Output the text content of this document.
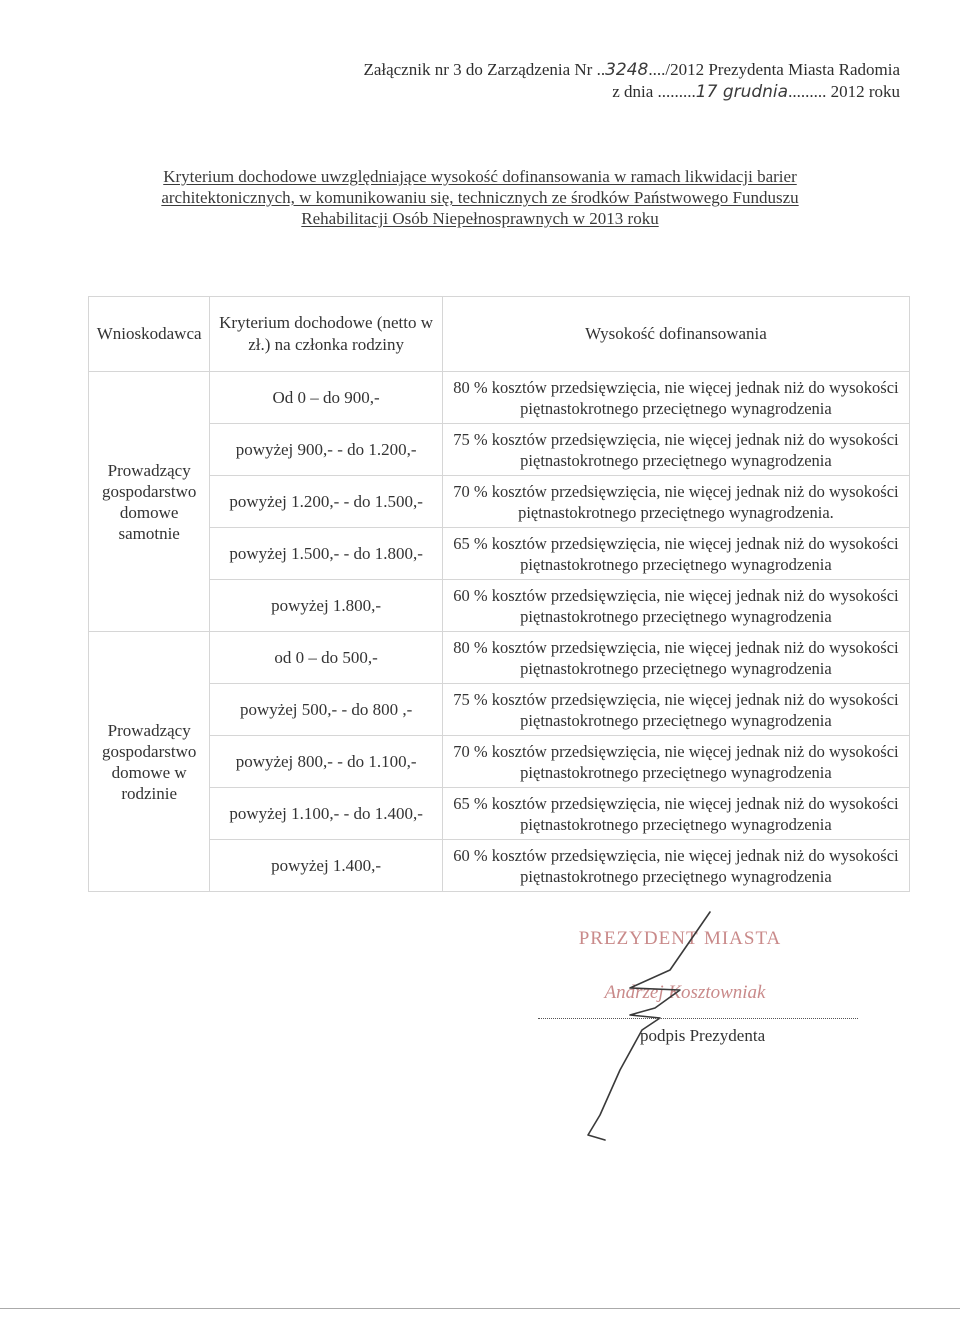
Załącznik nr 3 do Zarządzenia Nr ..3248..../2012 Prezydenta Miasta Radomia
z dnia .........17 grudnia......... 2012 roku
Kryterium dochodowe uwzględniające wysokość dofinansowania w ramach likwidacji barier
architektonicznych, w komunikowaniu się, technicznych ze środków Państwowego Funduszu
Rehabilitacji Osób Niepełnosprawnych w 2013 roku
Wnioskodawca	Kryterium dochodowe (netto w zł.) na członka rodziny	Wysokość dofinansowania
Prowadzący gospodarstwo domowe samotnie	Od 0 – do 900,-	80 % kosztów przedsięwzięcia, nie więcej jednak niż do wysokości piętnastokrotnego przeciętnego wynagrodzenia
	powyżej 900,- - do 1.200,-	75 % kosztów przedsięwzięcia, nie więcej jednak niż do wysokości piętnastokrotnego przeciętnego wynagrodzenia
	powyżej 1.200,- - do 1.500,-	70 % kosztów przedsięwzięcia, nie więcej jednak niż do wysokości piętnastokrotnego przeciętnego wynagrodzenia.
	powyżej 1.500,- - do 1.800,-	65 % kosztów przedsięwzięcia, nie więcej jednak niż do wysokości piętnastokrotnego przeciętnego wynagrodzenia
	powyżej 1.800,-	60 % kosztów przedsięwzięcia, nie więcej jednak niż do wysokości piętnastokrotnego przeciętnego wynagrodzenia
Prowadzący gospodarstwo domowe w rodzinie	od 0 – do 500,-	80 % kosztów przedsięwzięcia, nie więcej jednak niż do wysokości piętnastokrotnego przeciętnego wynagrodzenia
	powyżej 500,- - do 800 ,-	75 % kosztów przedsięwzięcia, nie więcej jednak niż do wysokości piętnastokrotnego przeciętnego wynagrodzenia
	powyżej 800,- - do 1.100,-	70 % kosztów przedsięwzięcia, nie więcej jednak niż do wysokości piętnastokrotnego przeciętnego wynagrodzenia
	powyżej 1.100,- - do 1.400,-	65 % kosztów przedsięwzięcia, nie więcej jednak niż do wysokości piętnastokrotnego przeciętnego wynagrodzenia
	powyżej 1.400,-	60 % kosztów przedsięwzięcia, nie więcej jednak niż do wysokości piętnastokrotnego przeciętnego wynagrodzenia
PREZYDENT MIASTA
Andrzej Kosztowniak
podpis Prezydenta
